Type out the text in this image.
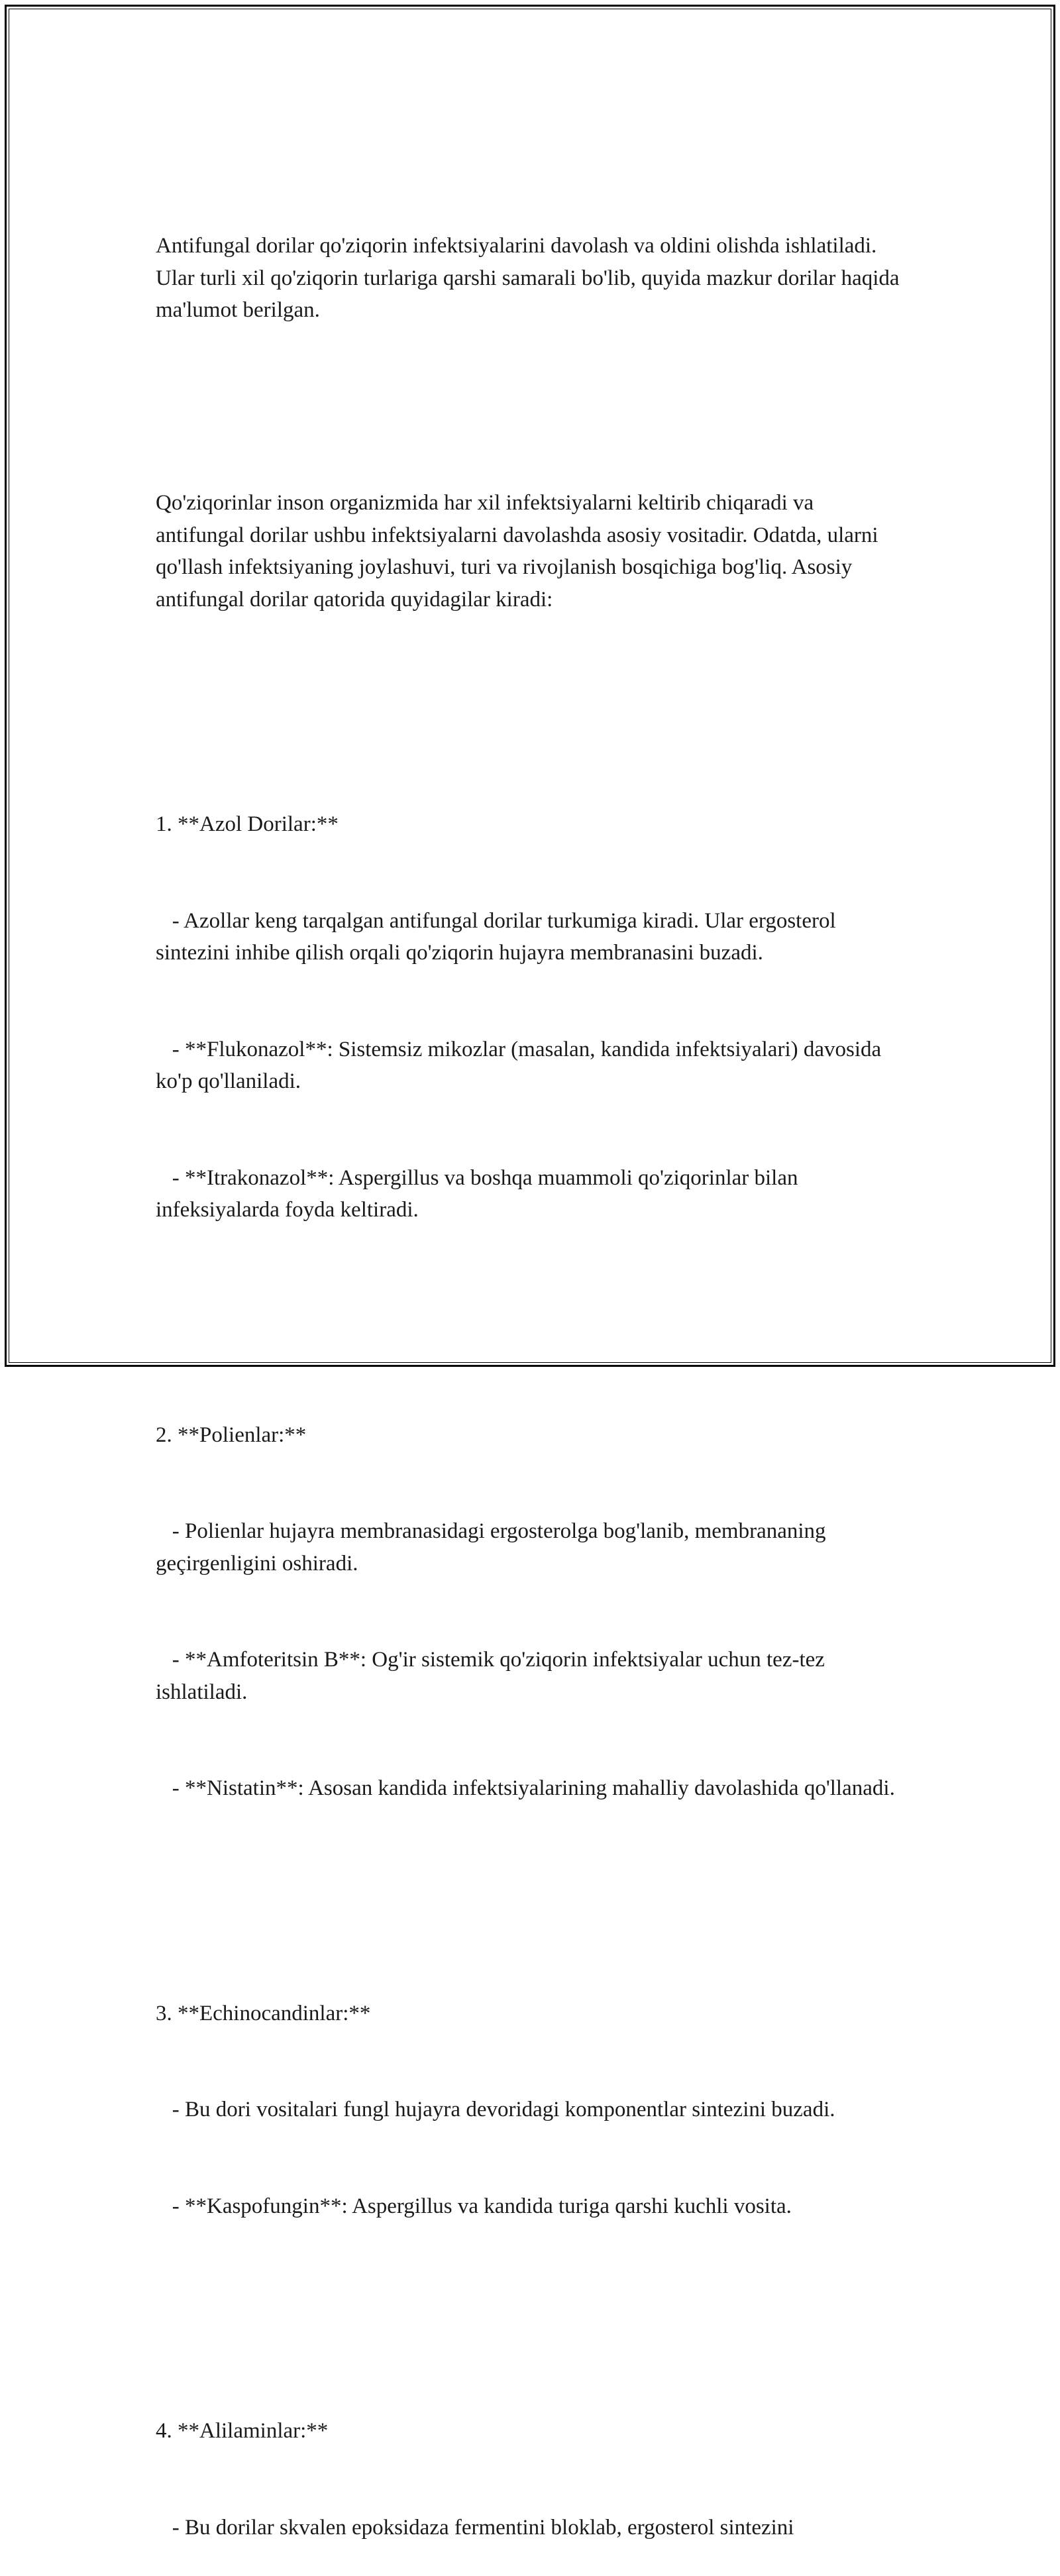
Antifungal dorilar qo'ziqorin infektsiyalarini davolash va oldini olishda ishlatiladi. Ular turli xil qo'ziqorin turlariga qarshi samarali bo'lib, quyida mazkur dorilar haqida ma'lumot berilgan.

Qo'ziqorinlar inson organizmida har xil infektsiyalarni keltirib chiqaradi va antifungal dorilar ushbu infektsiyalarni davolashda asosiy vositadir. Odatda, ularni qo'llash infektsiyaning joylashuvi, turi va rivojlanish bosqichiga bog'liq. Asosiy antifungal dorilar qatorida quyidagilar kiradi:

1. **Azol Dorilar:**

- Azollar keng tarqalgan antifungal dorilar turkumiga kiradi. Ular ergosterol sintezini inhibe qilish orqali qo'ziqorin hujayra membranasini buzadi.

- **Flukonazol**: Sistemsiz mikozlar (masalan, kandida infektsiyalari) davosida ko'p qo'llaniladi.

- **Itrakonazol**: Aspergillus va boshqa muammoli qo'ziqorinlar bilan infeksiyalarda foyda keltiradi.

2. **Polienlar:**

- Polienlar hujayra membranasidagi ergosterolga bog'lanib, membrananing geçirgenligini oshiradi.

- **Amfoteritsin B**: Og'ir sistemik qo'ziqorin infektsiyalar uchun tez-tez ishlatiladi.

- **Nistatin**: Asosan kandida infektsiyalarining mahalliy davolashida qo'llanadi.

3. **Echinocandinlar:**

- Bu dori vositalari fungl hujayra devoridagi komponentlar sintezini buzadi.

- **Kaspofungin**: Aspergillus va kandida turiga qarshi kuchli vosita.

4. **Alilaminlar:**

- Bu dorilar skvalen epoksidaza fermentini bloklab, ergosterol sintezini
